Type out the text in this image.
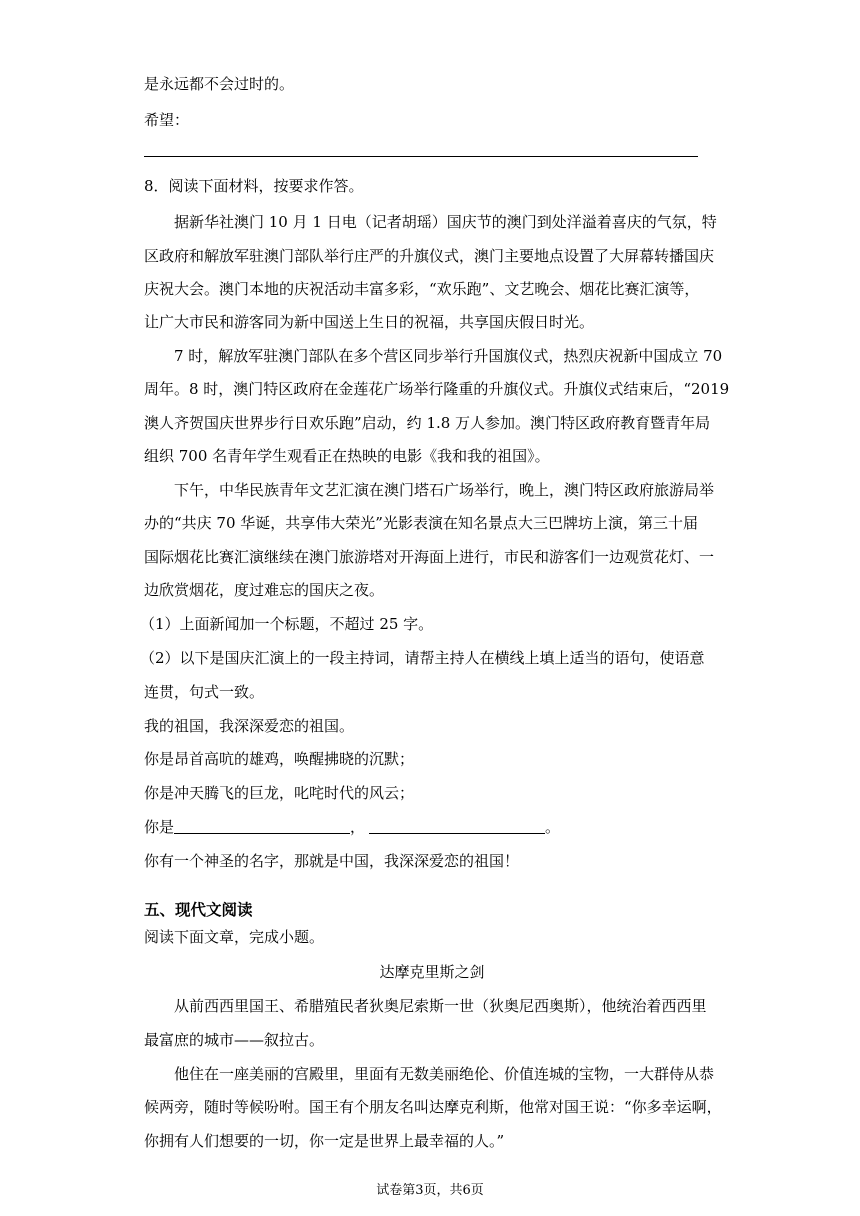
是永远都不会过时的。
希望：
8．阅读下面材料，按要求作答。
据新华社澳门 10 月 1 日电（记者胡瑶）国庆节的澳门到处洋溢着喜庆的气氛，特
区政府和解放军驻澳门部队举行庄严的升旗仪式，澳门主要地点设置了大屏幕转播国庆
庆祝大会。澳门本地的庆祝活动丰富多彩，“欢乐跑”、文艺晚会、烟花比赛汇演等，
让广大市民和游客同为新中国送上生日的祝福，共享国庆假日时光。
7 时，解放军驻澳门部队在多个营区同步举行升国旗仪式，热烈庆祝新中国成立 70
周年。8 时，澳门特区政府在金莲花广场举行隆重的升旗仪式。升旗仪式结束后，“2019
澳人齐贺国庆世界步行日欢乐跑”启动，约 1.8 万人参加。澳门特区政府教育暨青年局
组织 700 名青年学生观看正在热映的电影《我和我的祖国》。
下午，中华民族青年文艺汇演在澳门塔石广场举行，晚上，澳门特区政府旅游局举
办的“共庆 70 华诞，共享伟大荣光”光影表演在知名景点大三巴牌坊上演，第三十届
国际烟花比赛汇演继续在澳门旅游塔对开海面上进行，市民和游客们一边观赏花灯、一
边欣赏烟花，度过难忘的国庆之夜。
（1）上面新闻加一个标题，不超过 25 字。
（2）以下是国庆汇演上的一段主持词，请帮主持人在横线上填上适当的语句，使语意
连贯，句式一致。
我的祖国，我深深爱恋的祖国。
你是昂首高吭的雄鸡，唤醒拂晓的沉默；
你是冲天腾飞的巨龙，叱咤时代的风云；
你是	，	。
你有一个神圣的名字，那就是中国，我深深爱恋的祖国！
五、现代文阅读
阅读下面文章，完成小题。
达摩克里斯之剑
从前西西里国王、希腊殖民者狄奥尼索斯一世（狄奥尼西奥斯），他统治着西西里
最富庶的城市——叙拉古。
他住在一座美丽的宫殿里，里面有无数美丽绝伦、价值连城的宝物，一大群侍从恭
候两旁，随时等候吩咐。国王有个朋友名叫达摩克利斯，他常对国王说：“你多幸运啊，
你拥有人们想要的一切，你一定是世界上最幸福的人。”
试卷第3页，共6页
